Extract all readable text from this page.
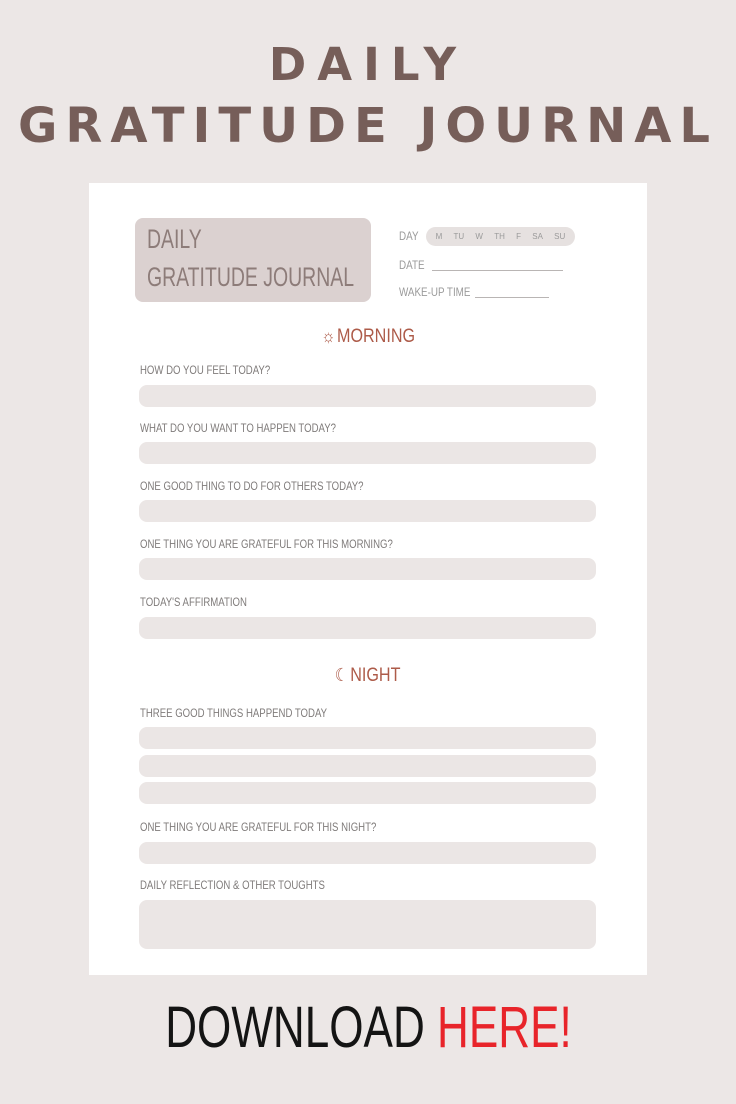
DAILY
GRATITUDE JOURNAL
DAILY
GRATITUDE JOURNAL
DAY M TU W TH F SA SU
DATE
WAKE-UP TIME
☼MORNING
HOW DO YOU FEEL TODAY?
WHAT DO YOU WANT TO HAPPEN TODAY?
ONE GOOD THING TO DO FOR OTHERS TODAY?
ONE THING YOU ARE GRATEFUL FOR THIS MORNING?
TODAY'S AFFIRMATION
☾NIGHT
THREE GOOD THINGS HAPPEND TODAY
ONE THING YOU ARE GRATEFUL FOR THIS NIGHT?
DAILY REFLECTION & OTHER TOUGHTS
DOWNLOAD HERE!
